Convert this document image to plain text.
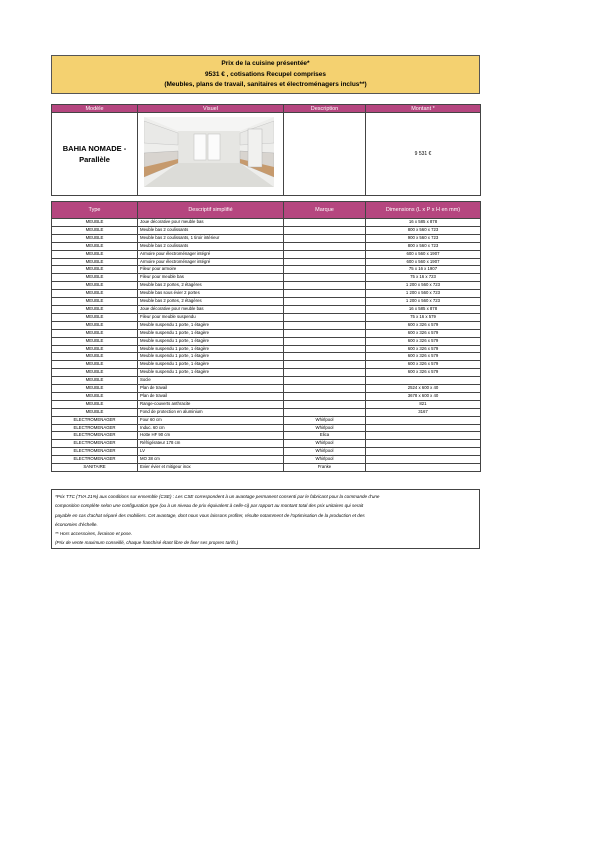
Prix de la cuisine présentée*
9531 € , cotisations Recupel comprises
(Meubles, plans de travail, sanitaires et électroménagers inclus**)
Modèle	Visuel	Description	Montant *
BAHIA NOMADE - Parallèle			9 531 €
Type	Descriptif simplifié	Marque	Dimensions (L x P x H en mm)
MEUBLE	Joue décorative pour meuble bas		16 x 585 x 878
MEUBLE	Meuble bas 2 coulissants		800 x 560 x 723
MEUBLE	Meuble bas 2 coulissants, 1 tiroir intérieur		900 x 560 x 723
MEUBLE	Meuble bas 2 coulissants		800 x 560 x 723
MEUBLE	Armoire pour électroménager intégré		600 x 560 x 1907
MEUBLE	Armoire pour électroménager intégré		600 x 560 x 1907
MEUBLE	Fileur pour armoire		75 x 16 x 1907
MEUBLE	Fileur pour meuble bas		75 x 16 x 723
MEUBLE	Meuble bas 2 portes, 2 étagères		1 200 x 560 x 723
MEUBLE	Meuble bas sous évier 2 portes		1 200 x 560 x 723
MEUBLE	Meuble bas 2 portes, 2 étagères		1 200 x 560 x 723
MEUBLE	Joue décorative pour meuble bas		16 x 585 x 878
MEUBLE	Fileur pour meuble suspendu		75 x 16 x 579
MEUBLE	Meuble suspendu 1 porte, 1 étagère		600 x 326 x 579
MEUBLE	Meuble suspendu 1 porte, 1 étagère		600 x 326 x 579
MEUBLE	Meuble suspendu 1 porte, 1 étagère		600 x 326 x 579
MEUBLE	Meuble suspendu 1 porte, 1 étagère		600 x 326 x 579
MEUBLE	Meuble suspendu 1 porte, 1 étagère		600 x 326 x 579
MEUBLE	Meuble suspendu 1 porte, 1 étagère		600 x 326 x 579
MEUBLE	Meuble suspendu 1 porte, 1 étagère		600 x 326 x 579
MEUBLE	Socle		
MEUBLE	Plan de travail		2524 x 600 x 40
MEUBLE	Plan de travail		3678 x 600 x 40
MEUBLE	Range-couverts anthracite		821
MEUBLE	Fond de protection en aluminium		3167
ELECTROMENAGER	Four 60 cm	Whirlpool	
ELECTROMENAGER	Induc. 60 cm	Whirlpool	
ELECTROMENAGER	Hotte HF 90 cm	Elica	
ELECTROMENAGER	Réfrigérateur 178 cm	Whirlpool	
ELECTROMENAGER	LV	Whirlpool	
ELECTROMENAGER	MO 38 cm	Whirlpool	
SANITAIRE	Evier évier et mitigeur inox	Franke	
*Prix TTC (TVA 21%) aux conditions sur ensemble (CSE) : Les CSE correspondent à un avantage permanent consenti par le fabricant pour la commande d'une
composition complète selon une configuration type (ou à un niveau de prix équivalent à celle-ci) par rapport au montant total des prix unitaires qui serait
payable en cas d'achat séparé des mobiliers. Cet avantage, dont nous vous laissons profiter, résulte notamment de l'optimisation de la production et des
économies d'échelle.
** Hors accessoires, livraison et pose.
(Prix de vente maximum conseillé, chaque franchisé étant libre de fixer ses propres tarifs.)
